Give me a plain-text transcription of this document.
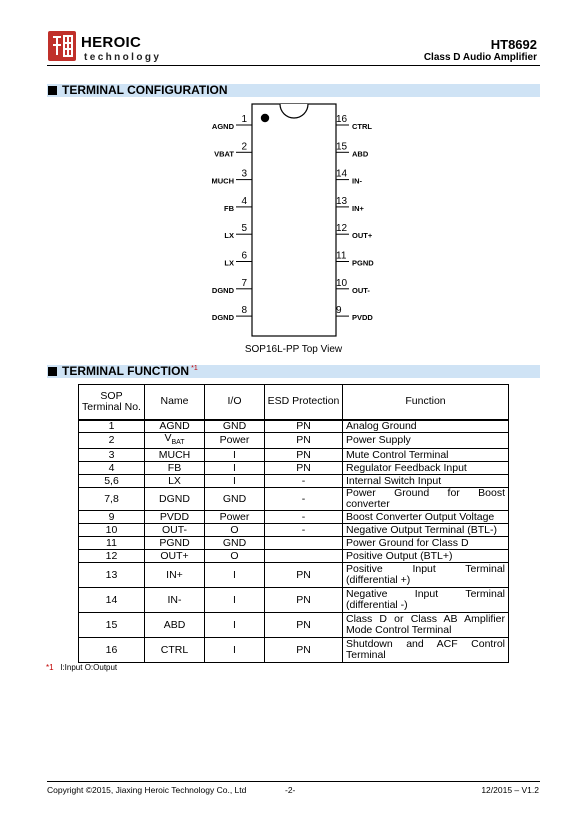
HEROIC
technology
HT8692
Class D Audio Amplifier
TERMINAL CONFIGURATION
AGND
1
VBAT
2
MUCH
3
FB
4
LX
5
LX
6
DGND
7
DGND
8
CTRL
16
ABD
15
IN-
14
IN+
13
OUT+
12
PGND
11
OUT-
10
PVDD
9
SOP16L-PP Top View
TERMINAL FUNCTION $^{*1}$
SOP Terminal No.	Name	I/O	ESD Protection	Function
1	AGND	GND	PN	Analog Ground
2	$V_{BAT}$	Power	PN	Power Supply
3	MUCH	I	PN	Mute Control Terminal
4	FB	I	PN	Regulator Feedback Input
5,6	LX	I	-	Internal Switch Input
7,8	DGND	GND	-	Power Ground for Boost converter
9	PVDD	Power	-	Boost Converter Output Voltage
10	OUT-	O	-	Negative Output Terminal (BTL-)
11	PGND	GND		Power Ground for Class D
12	OUT+	O		Positive Output (BTL+)
13	IN+	I	PN	Positive Input Terminal (differential +)
14	IN-	I	PN	Negative Input Terminal (differential -)
15	ABD	I	PN	Class D or Class AB Amplifier Mode Control Terminal
16	CTRL	I	PN	Shutdown and ACF Control Terminal
*1 I:Input O:Output
Copyright ©2015, Jiaxing Heroic Technology Co., Ltd	-2-	12/2015 – V1.2
